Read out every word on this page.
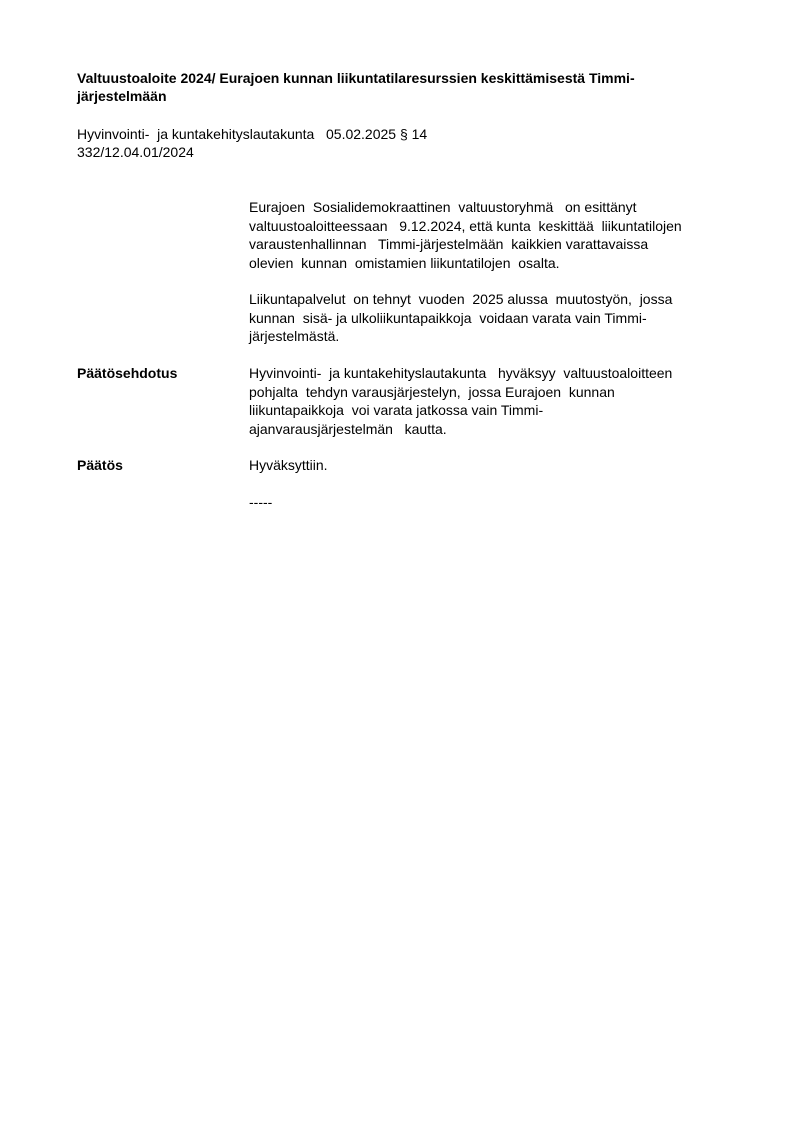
Valtuustoaloite 2024/ Eurajoen kunnan liikuntatilaresurssien keskittämisestä Timmi-
järjestelmään
Hyvinvointi-  ja kuntakehityslautakunta   05.02.2025 § 14
332/12.04.01/2024
Eurajoen  Sosialidemokraattinen  valtuustoryhmä   on esittänyt
valtuustoaloitteessaan   9.12.2024, että kunta  keskittää  liikuntatilojen
varaustenhallinnan   Timmi-järjestelmään  kaikkien varattavaissa
olevien  kunnan  omistamien liikuntatilojen  osalta.
Liikuntapalvelut  on tehnyt  vuoden  2025 alussa  muutostyön,  jossa
kunnan  sisä- ja ulkoliikuntapaikkoja  voidaan varata vain Timmi-
järjestelmästä.
Päätösehdotus	Hyvinvointi-  ja kuntakehityslautakunta   hyväksyy  valtuustoaloitteen
pohjalta  tehdyn varausjärjestelyn,  jossa Eurajoen  kunnan
liikuntapaikkoja  voi varata jatkossa vain Timmi-
ajanvarausjärjestelmän   kautta.
Päätös	Hyväksyttiin.
-----
